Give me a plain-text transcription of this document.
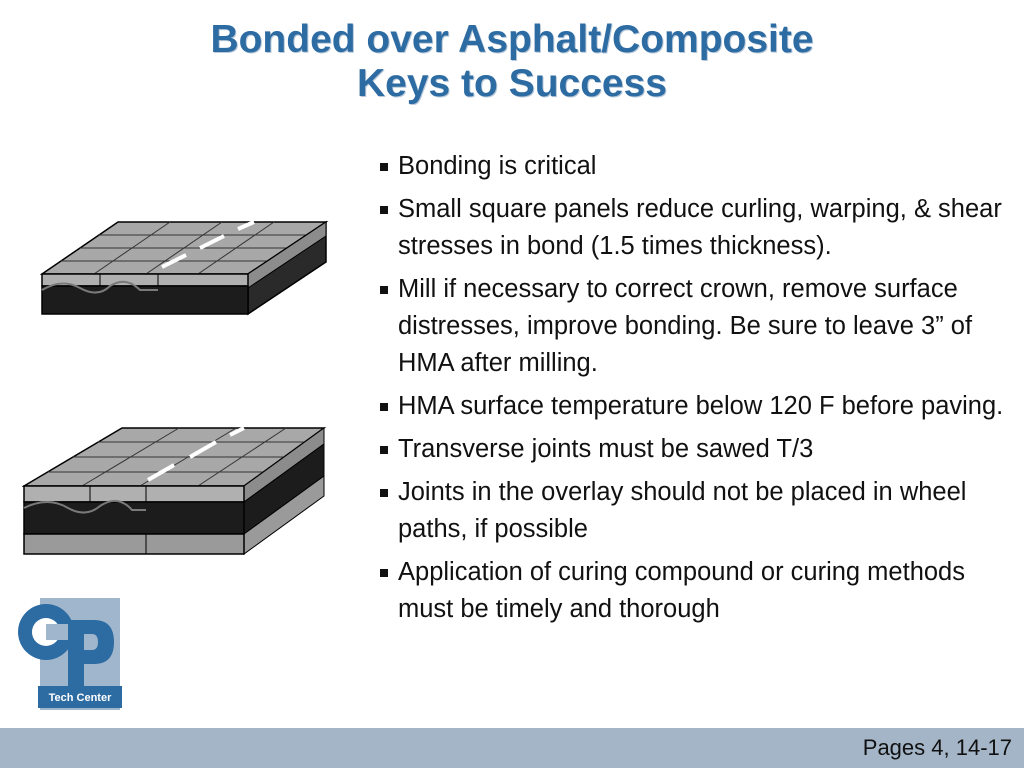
Bonded over Asphalt/Composite
Keys to Success
Bonding is critical
Small square panels reduce curling, warping, & shear stresses in bond (1.5 times thickness).
Mill if necessary to correct crown, remove surface distresses, improve bonding. Be sure to leave 3” of HMA after milling.
HMA surface temperature below 120 F before paving.
Transverse joints must be sawed T/3
Joints in the overlay should not be placed in wheel paths, if possible
Application of curing compound or curing methods must be timely and thorough
Tech Center
Pages 4, 14-17
